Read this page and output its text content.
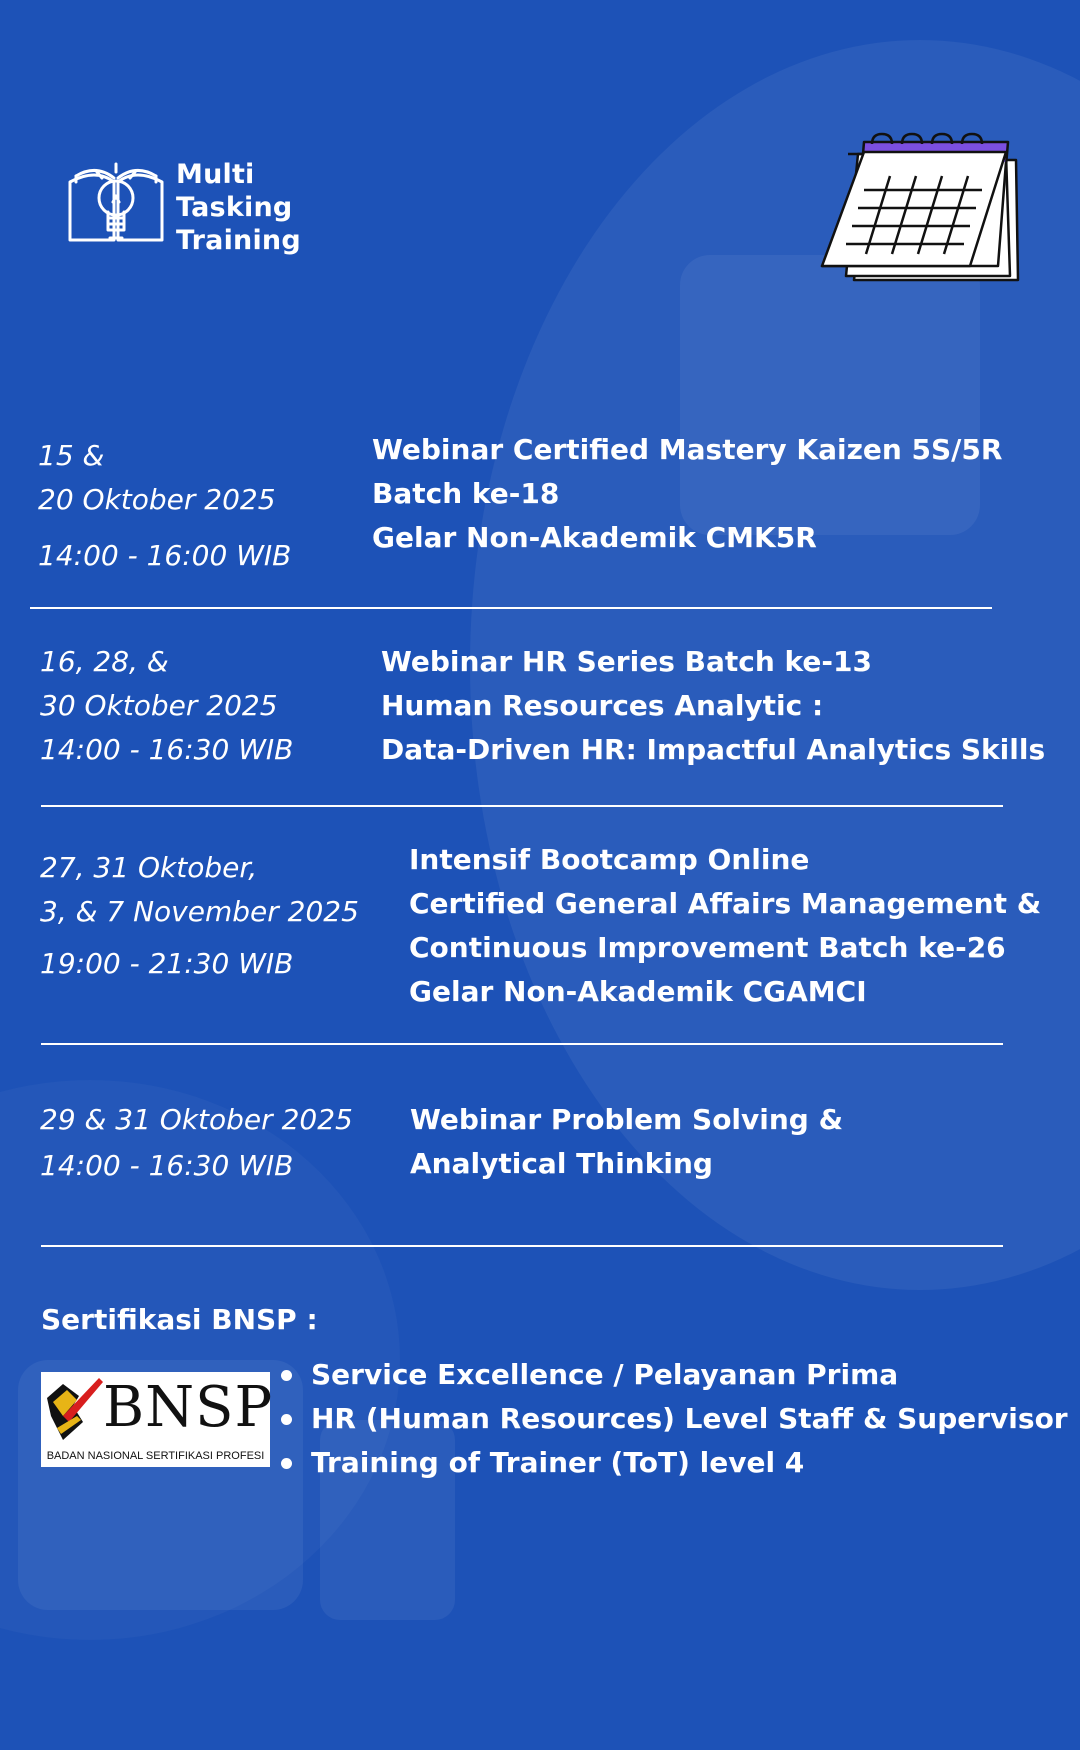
Multi
Tasking
Training
15 &
20 Oktober 2025
14:00 - 16:00 WIB
Webinar Certified Mastery Kaizen 5S/5R
Batch ke-18
Gelar Non-Akademik CMK5R
16, 28, &
30 Oktober 2025
14:00 - 16:30 WIB
Webinar HR Series Batch ke-13
Human Resources Analytic :
Data-Driven HR: Impactful Analytics Skills
27, 31 Oktober,
3, & 7 November 2025
19:00 - 21:30 WIB
Intensif Bootcamp Online
Certified General Affairs Management &
Continuous Improvement Batch ke-26
Gelar Non-Akademik CGAMCI
29 & 31 Oktober 2025
14:00 - 16:30 WIB
Webinar Problem Solving &
Analytical Thinking
Sertifikasi BNSP :
BNSP
BADAN NASIONAL SERTIFIKASI PROFESI
Service Excellence / Pelayanan Prima
HR (Human Resources) Level Staff & Supervisor
Training of Trainer (ToT) level 4
